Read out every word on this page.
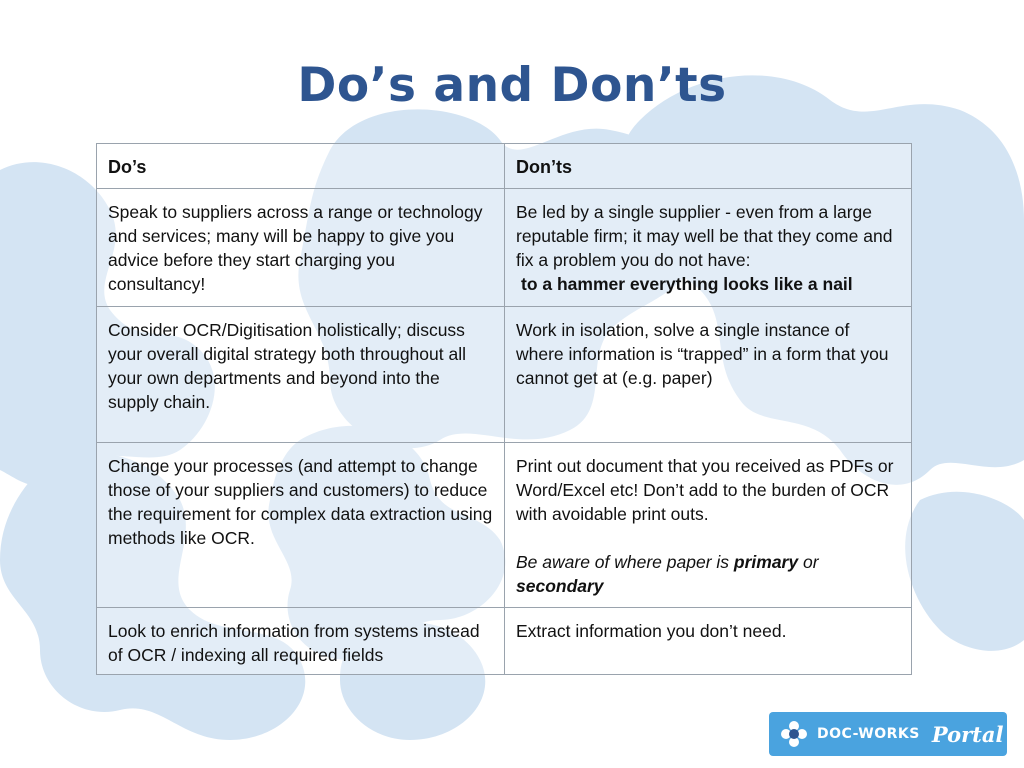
Do’s and Don’ts
Do’s	Don’ts
Speak to suppliers across a range or technology and services; many will be happy to give you advice before they start charging you consultancy!	Be led by a single supplier - even from a large reputable firm; it may well be that they come and fix a problem you do not have:
to a hammer everything looks like a nail

Consider OCR/Digitisation holistically; discuss your overall digital strategy both throughout all your own departments and beyond into the supply chain.	Work in isolation, solve a single instance of where information is “trapped” in a form that you cannot get at (e.g. paper)
Change your processes (and attempt to change those of your suppliers and customers) to reduce the requirement for complex data extraction using methods like OCR.	Print out document that you received as PDFs or Word/Excel etc! Don’t add to the burden of OCR with avoidable print outs.
Be aware of where paper is primary or secondary

Look to enrich information from systems instead of OCR / indexing all required fields	Extract information you don’t need.
DOC-WORKS Portal
